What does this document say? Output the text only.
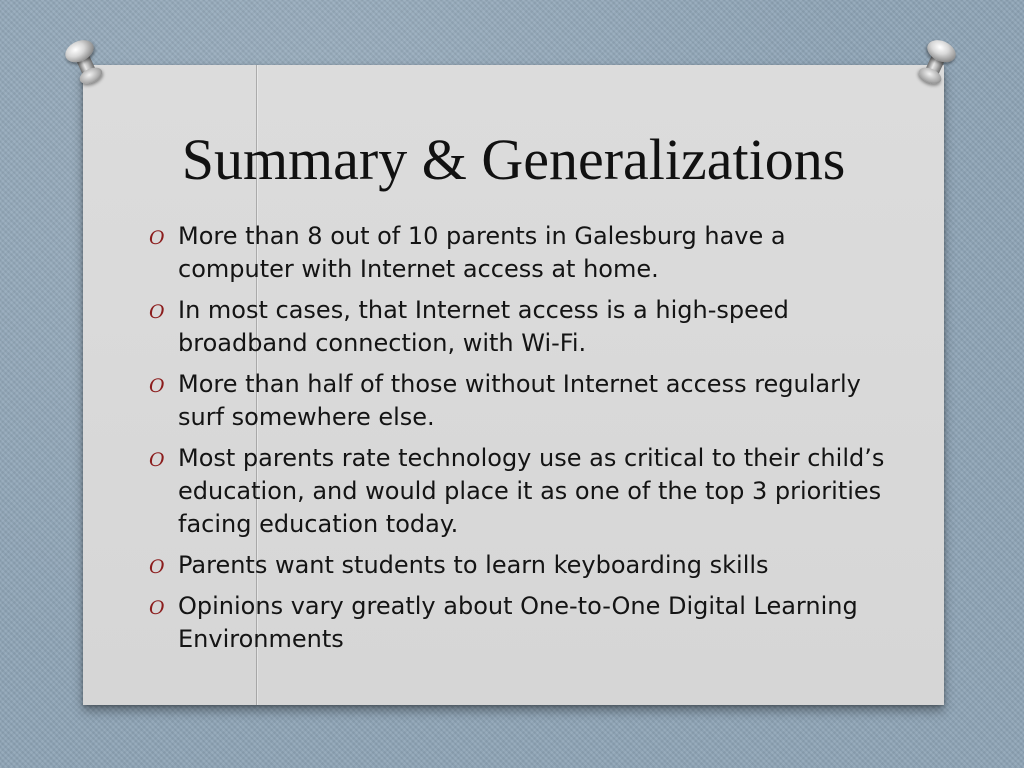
Summary & Generalizations
O More than 8 out of 10 parents in Galesburg have a computer with Internet access at home.
O In most cases, that Internet access is a high-speed broadband connection, with Wi-Fi.
O More than half of those without Internet access regularly surf somewhere else.
O Most parents rate technology use as critical to their child’s education, and would place it as one of the top 3 priorities facing education today.
O Parents want students to learn keyboarding skills
O Opinions vary greatly about One-to-One Digital Learning Environments
